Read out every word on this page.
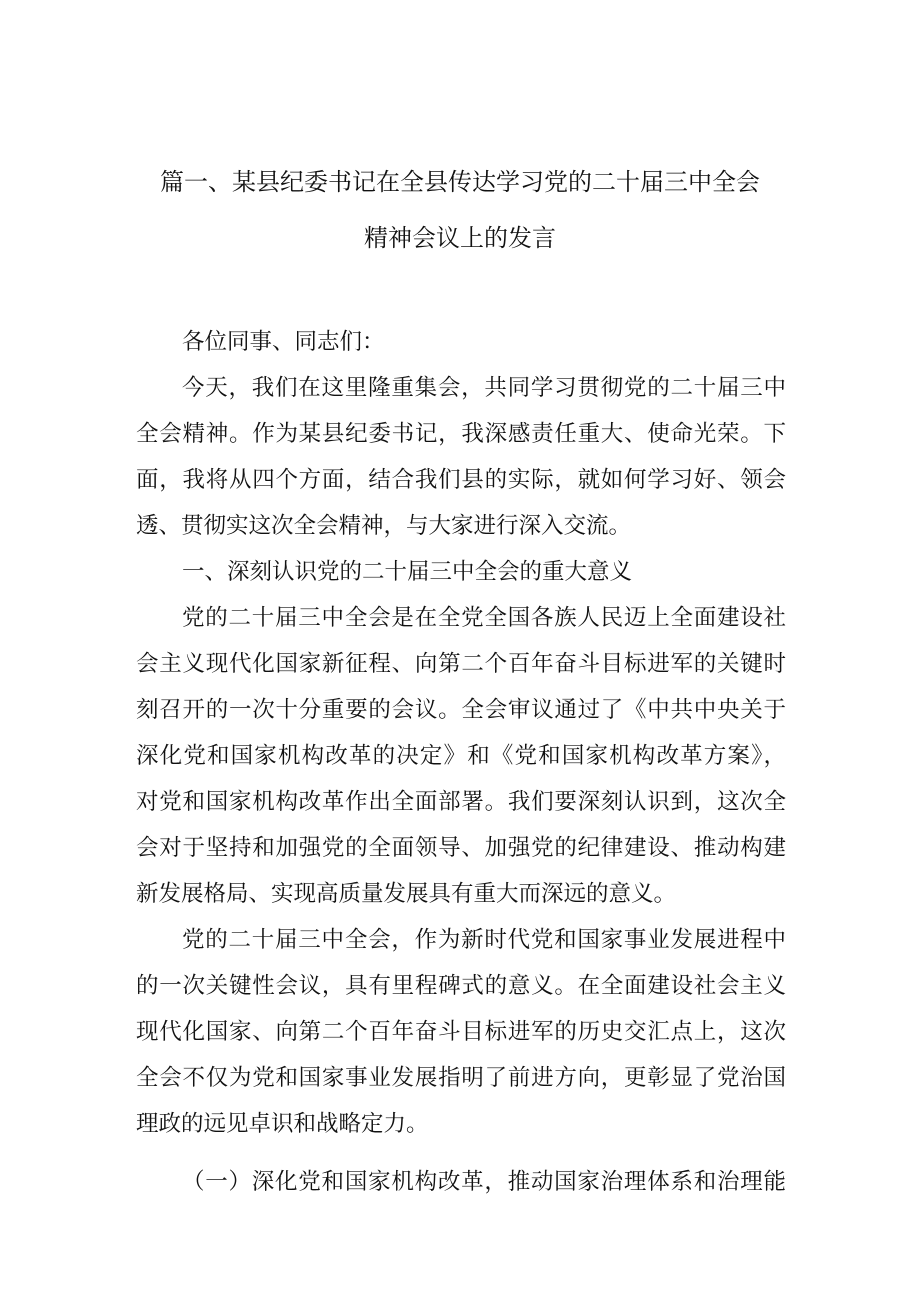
篇一、某县纪委书记在全县传达学习党的二十届三中全会
精神会议上的发言
各位同事、同志们：
今天，我们在这里隆重集会，共同学习贯彻党的二十届三中
全会精神。作为某县纪委书记，我深感责任重大、使命光荣。下
面，我将从四个方面，结合我们县的实际，就如何学习好、领会
透、贯彻实这次全会精神，与大家进行深入交流。
一、深刻认识党的二十届三中全会的重大意义
党的二十届三中全会是在全党全国各族人民迈上全面建设社
会主义现代化国家新征程、向第二个百年奋斗目标进军的关键时
刻召开的一次十分重要的会议。全会审议通过了《中共中央关于
深化党和国家机构改革的决定》和《党和国家机构改革方案》，
对党和国家机构改革作出全面部署。我们要深刻认识到，这次全
会对于坚持和加强党的全面领导、加强党的纪律建设、推动构建
新发展格局、实现高质量发展具有重大而深远的意义。
党的二十届三中全会，作为新时代党和国家事业发展进程中
的一次关键性会议，具有里程碑式的意义。在全面建设社会主义
现代化国家、向第二个百年奋斗目标进军的历史交汇点上，这次
全会不仅为党和国家事业发展指明了前进方向，更彰显了党治国
理政的远见卓识和战略定力。
（一）深化党和国家机构改革，推动国家治理体系和治理能
